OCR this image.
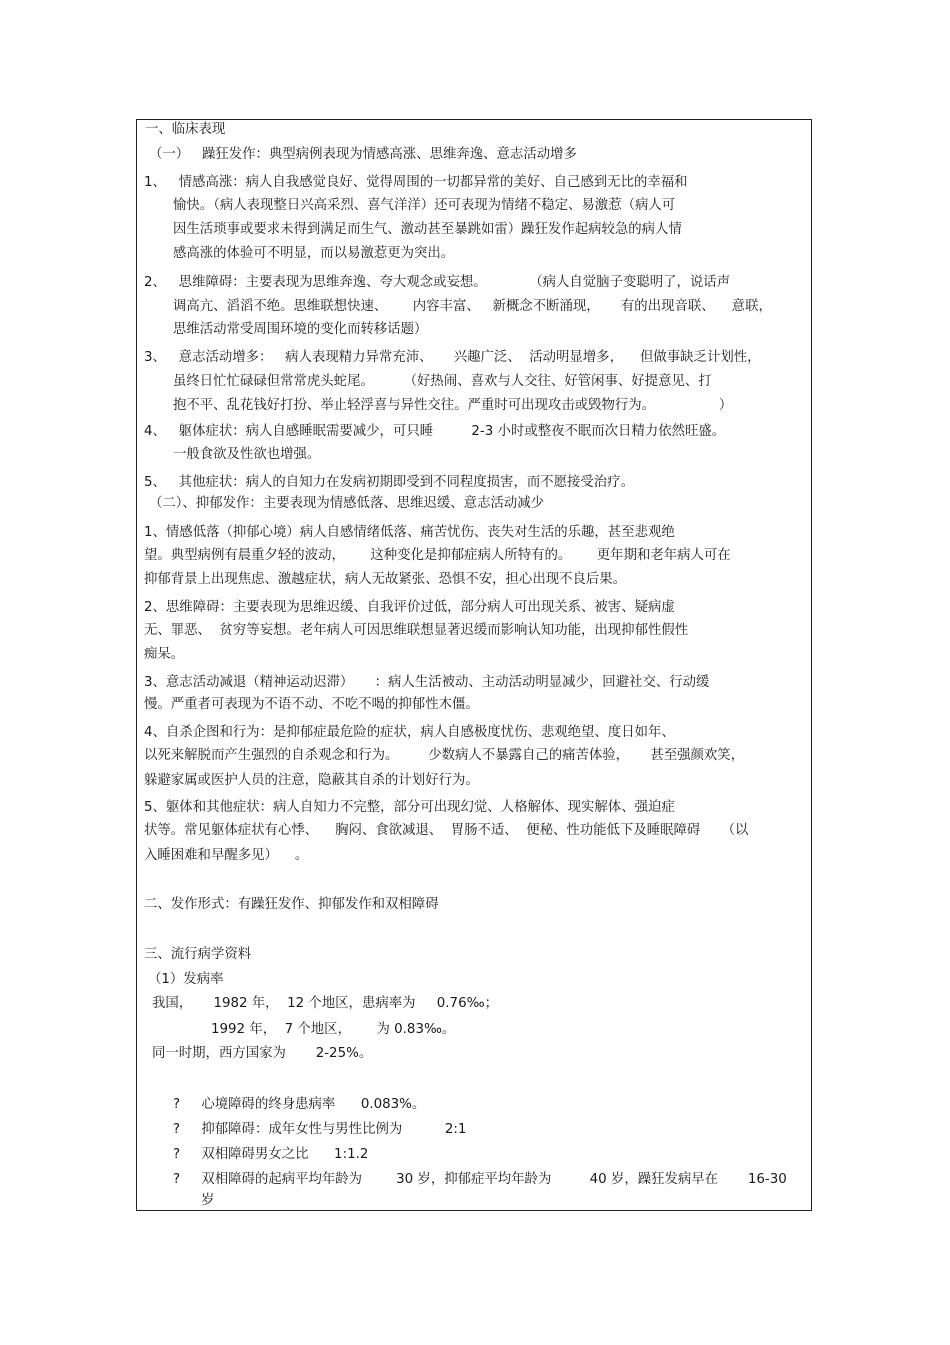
一、临床表现
（一）   躁狂发作：典型病例表现为情感高涨、思维奔逸、意志活动增多
1、   情感高涨：病人自我感觉良好、觉得周围的一切都异常的美好、自己感到无比的幸福和
愉快。（病人表现整日兴高采烈、喜气洋洋）还可表现为情绪不稳定、易激惹（病人可
因生活琐事或要求未得到满足而生气、激动甚至暴跳如雷）躁狂发作起病较急的病人情
感高涨的体验可不明显，而以易激惹更为突出。
2、   思维障碍：主要表现为思维奔逸、夸大观念或妄想。          （病人自觉脑子变聪明了，说话声
调高亢、滔滔不绝。思维联想快速、      内容丰富、   新概念不断涌现，     有的出现音联、    意联，
思维活动常受周围环境的变化而转移话题）
3、   意志活动增多：   病人表现精力异常充沛、     兴趣广泛、  活动明显增多，    但做事缺乏计划性，
虽终日忙忙碌碌但常常虎头蛇尾。       （好热闹、喜欢与人交往、好管闲事、好提意见、打
抱不平、乱花钱好打扮、举止轻浮喜与异性交往。严重时可出现攻击或毁物行为。               ）
4、   躯体症状：病人自感睡眠需要减少，可只睡         2-3 小时或整夜不眠而次日精力依然旺盛。
一般食欲及性欲也增强。
5、   其他症状：病人的自知力在发病初期即受到不同程度损害，而不愿接受治疗。
（二）、抑郁发作：主要表现为情感低落、思维迟缓、意志活动减少
1、情感低落（抑郁心境）病人自感情绪低落、痛苦忧伤、丧失对生活的乐趣，甚至悲观绝
望。典型病例有晨重夕轻的波动，      这种变化是抑郁症病人所特有的。      更年期和老年病人可在
抑郁背景上出现焦虑、激越症状，病人无故紧张、恐惧不安，担心出现不良后果。
2、思维障碍：主要表现为思维迟缓、自我评价过低，部分病人可出现关系、被害、疑病虚
无、罪恶、  贫穷等妄想。老年病人可因思维联想显著迟缓而影响认知功能，出现抑郁性假性
痴呆。
3、意志活动减退（精神运动迟滞）     ：病人生活被动、主动活动明显减少，回避社交、行动缓
慢。严重者可表现为不语不动、不吃不喝的抑郁性木僵。
4、自杀企图和行为：是抑郁症最危险的症状，病人自感极度忧伤、悲观绝望、度日如年、
以死来解脱而产生强烈的自杀观念和行为。       少数病人不暴露自己的痛苦体验，     甚至强颜欢笑，
躲避家属或医护人员的注意，隐蔽其自杀的计划好行为。
5、躯体和其他症状：病人自知力不完整，部分可出现幻觉、人格解体、现实解体、强迫症
状等。常见躯体症状有心悸、    胸闷、食欲减退、  胃肠不适、  便秘、性功能低下及睡眠障碍     （以
入睡困难和早醒多见）    。
二、发作形式：有躁狂发作、抑郁发作和双相障碍
三、流行病学资料
（1）发病率
我国，     1982 年，  12 个地区，患病率为     0.76‰；
1992 年，  7 个地区，      为 0.83‰。
同一时期，西方国家为       2-25%。
?     心境障碍的终身患病率      0.083%。
?     抑郁障碍：成年女性与男性比例为          2:1
?     双相障碍男女之比      1:1.2
?     双相障碍的起病平均年龄为        30 岁，抑郁症平均年龄为         40 岁，躁狂发病早在       16-30
岁
